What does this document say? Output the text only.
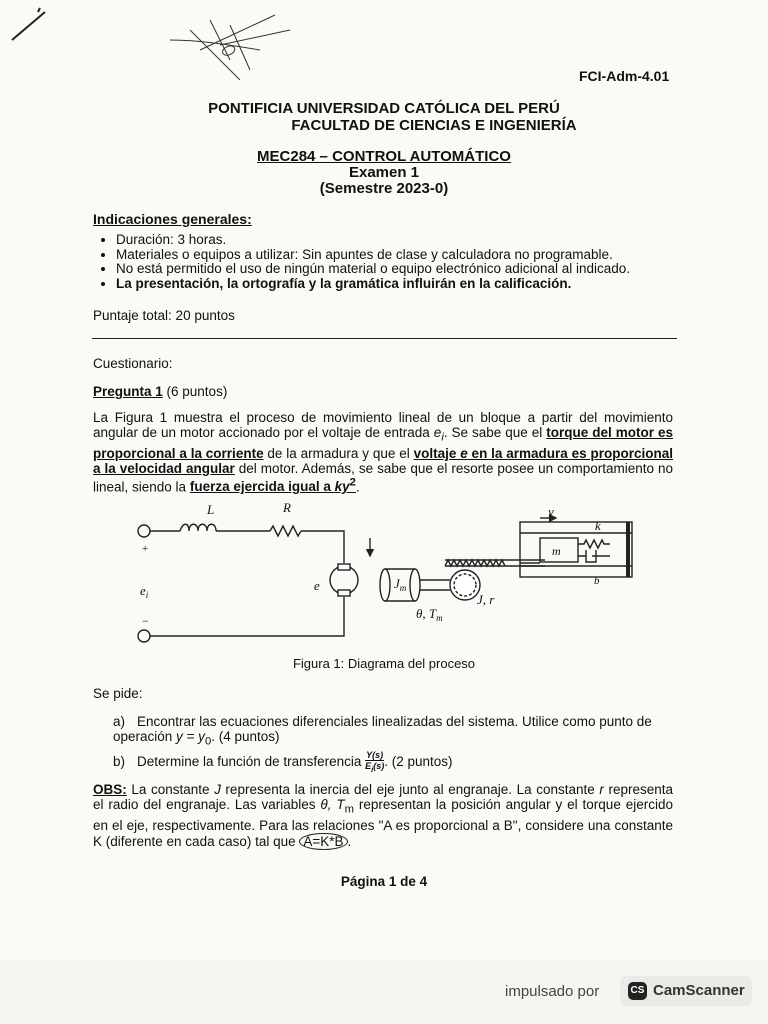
FCI-Adm-4.01
PONTIFICIA UNIVERSIDAD CATÓLICA DEL PERÚ
FACULTAD DE CIENCIAS E INGENIERÍA
MEC284 – CONTROL AUTOMÁTICO
Examen 1
(Semestre 2023-0)
Indicaciones generales:
• Duración: 3 horas.
• Materiales o equipos a utilizar: Sin apuntes de clase y calculadora no programable.
• No está permitido el uso de ningún material o equipo electrónico adicional al indicado.
• La presentación, la ortografía y la gramática influirán en la calificación.
Puntaje total: 20 puntos
Cuestionario:
Pregunta 1 (6 puntos)
La Figura 1 muestra el proceso de movimiento lineal de un bloque a partir del movimiento angular de un motor accionado por el voltaje de entrada $e_i$. Se sabe que el torque del motor es proporcional a la corriente de la armadura y que el voltaje e en la armadura es proporcional a la velocidad angular del motor. Además, se sabe que el resorte posee un comportamiento no lineal, siendo la fuerza ejercida igual a $ky^2$.
L	R
+
−
$e_i$
e	$J_m$
θ, $T_m$
J, r
y
k
m
b
Figura 1: Diagrama del proceso
Se pide:
a) Encontrar las ecuaciones diferenciales linealizadas del sistema. Utilice como punto de operación $y = y_0$. (4 puntos)
b) Determine la función de transferencia $\frac{Y(s)}{E_i(s)}$ . (2 puntos)
OBS: La constante J representa la inercia del eje junto al engranaje. La constante r representa el radio del engranaje. Las variables θ, $T_m$ representan la posición angular y el torque ejercido en el eje, respectivamente. Para las relaciones "A es proporcional a B", considere una constante K (diferente en cada caso) tal que A=K*B .
Página 1 de 4
impulsado por	CS CamScanner
